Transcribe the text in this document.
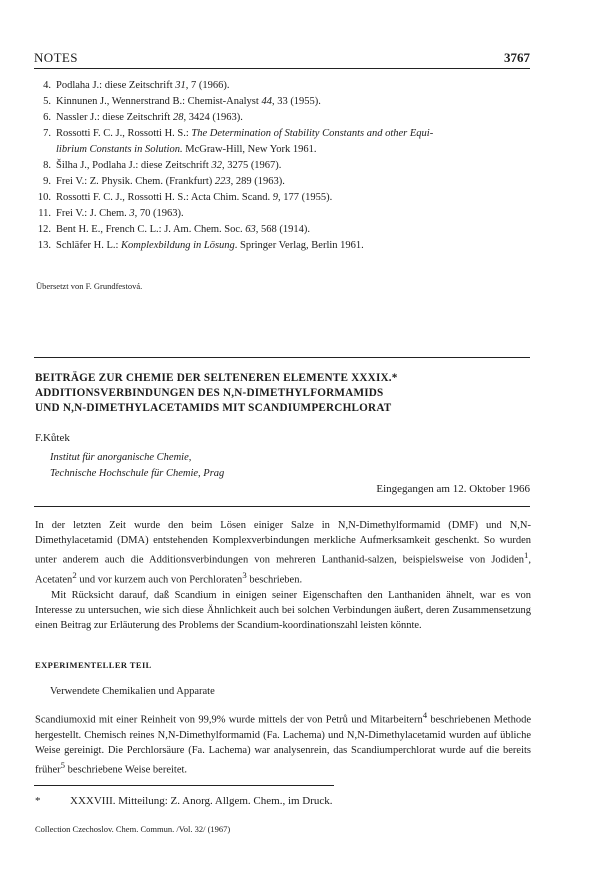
NOTES	3767
4. Podlaha J.: diese Zeitschrift 31, 7 (1966).
5. Kinnunen J., Wennerstrand B.: Chemist-Analyst 44, 33 (1955).
6. Nassler J.: diese Zeitschrift 28, 3424 (1963).
7. Rossotti F. C. J., Rossotti H. S.: The Determination of Stability Constants and other Equi-
librium Constants in Solution. McGraw-Hill, New York 1961.
8. Šilha J., Podlaha J.: diese Zeitschrift 32, 3275 (1967).
9. Frei V.: Z. Physik. Chem. (Frankfurt) 223, 289 (1963).
10. Rossotti F. C. J., Rossotti H. S.: Acta Chim. Scand. 9, 177 (1955).
11. Frei V.: J. Chem. 3, 70 (1963).
12. Bent H. E., French C. L.: J. Am. Chem. Soc. 63, 568 (1914).
13. Schläfer H. L.: Komplexbildung in Lösung. Springer Verlag, Berlin 1961.
Übersetzt von F. Grundfestová.
BEITRÄGE ZUR CHEMIE DER SELTENEREN ELEMENTE XXXIX.*
ADDITIONSVERBINDUNGEN DES N,N-DIMETHYLFORMAMIDS
UND N,N-DIMETHYLACETAMIDS MIT SCANDIUMPERCHLORAT
F.Kůtek
Institut für anorganische Chemie,
Technische Hochschule für Chemie, Prag
Eingegangen am 12. Oktober 1966

In der letzten Zeit wurde den beim Lösen einiger Salze in N,N-Dimethylformamid (DMF) und N,N-Dimethylacetamid (DMA) entstehenden Komplexverbindungen merkliche Aufmerksamkeit geschenkt. So wurden unter anderem auch die Additionsverbindungen von mehreren Lanthanid-salzen, beispielsweise von Jodiden$^1$, Acetaten$^2$ und vor kurzem auch von Perchloraten$^3$ beschrieben.

Mit Rücksicht darauf, daß Scandium in einigen seiner Eigenschaften den Lanthaniden ähnelt, war es von Interesse zu untersuchen, wie sich diese Ähnlichkeit auch bei solchen Verbindungen äußert, deren Zusammensetzung einen Beitrag zur Erläuterung des Problems der Scandium-koordinationszahl leisten könnte.

EXPERIMENTELLER TEIL
Verwendete Chemikalien und Apparate

Scandiumoxid mit einer Reinheit von 99,9% wurde mittels der von Petrů und Mitarbeitern$^4$ beschriebenen Methode hergestellt. Chemisch reines N,N-Dimethylformamid (Fa. Lachema) und N,N-Dimethylacetamid wurden auf übliche Weise gereinigt. Die Perchlorsäure (Fa. Lachema) war analysenrein, das Scandiumperchlorat wurde auf die bereits früher$^5$ beschriebene Weise bereitet.

*	XXXVIII. Mitteilung: Z. Anorg. Allgem. Chem., im Druck.
Collection Czechoslov. Chem. Commun. /Vol. 32/ (1967)
